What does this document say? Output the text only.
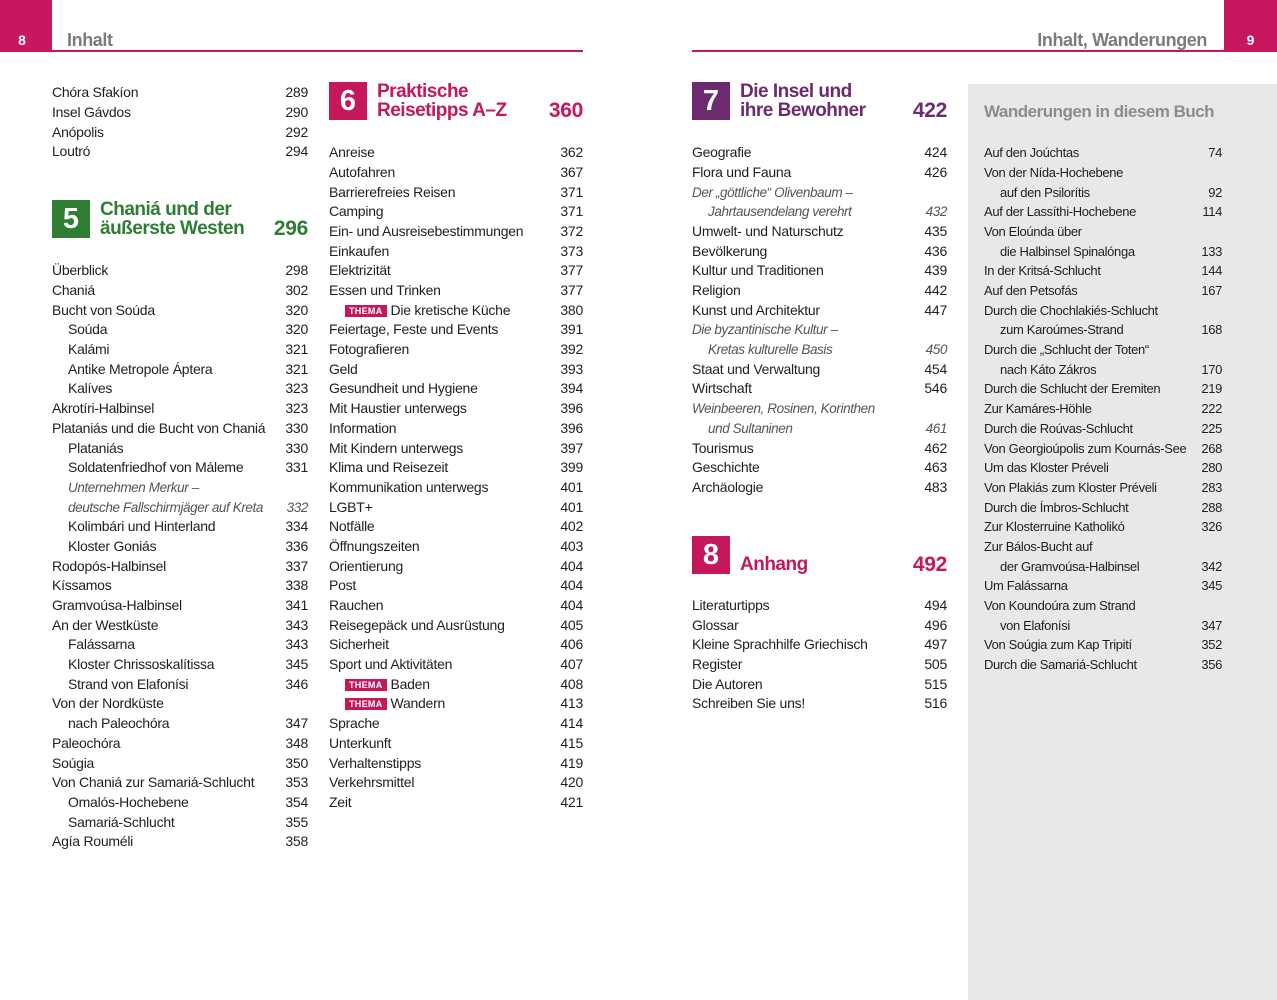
8	Inhalt	9
Inhalt, Wanderungen
Chóra Sfakíon	289
Insel Gávdos	290
Anópolis	292
Loutró	294
5	Chaniá und der
äußerste Westen 296
Überblick	298
Chaniá	302
Bucht von Soúda	320
Soúda	320
Kalámi	321
Antike Metropole Áptera	321
Kalíves	323
Akrotíri-Halbinsel	323
Plataniás und die Bucht von Chaniá 330
Plataniás	330
Soldatenfriedhof von Máleme	331
Unternehmen Merkur –
deutsche Fallschirmjäger auf Kreta 332
Kolimbári und Hinterland	334
Kloster Goniás	336
Rodopós-Halbinsel	337
Kíssamos	338
Gramvoúsa-Halbinsel	341
An der Westküste	343
Falássarna	343
Kloster Chrissoskalítissa	345
Strand von Elafonísi	346
Von der Nordküste
nach Paleochóra	347
Paleochóra	348
Soúgia	350
Von Chaniá zur Samariá-Schlucht 353
Omalós-Hochebene	354
Samariá-Schlucht	355
Agía Rouméli	358
6	Praktische
Reisetipps A–Z 360
Anreise	362
Autofahren	367
Barrierefreies Reisen	371
Camping	371
Ein- und Ausreisebestimmungen	372
Einkaufen	373
Elektrizität	377
Essen und Trinken	377
THEMA Die kretische Küche	380
Feiertage, Feste und Events	391
Fotografieren	392
Geld	393
Gesundheit und Hygiene	394
Mit Haustier unterwegs	396
Information	396
Mit Kindern unterwegs	397
Klima und Reisezeit	399
Kommunikation unterwegs	401
LGBT+	401
Notfälle	402
Öffnungszeiten	403
Orientierung	404
Post	404
Rauchen	404
Reisegepäck und Ausrüstung	405
Sicherheit	406
Sport und Aktivitäten	407
THEMA Baden	408
THEMA Wandern	413
Sprache	414
Unterkunft	415
Verhaltenstipps	419
Verkehrsmittel	420
Zeit	421
7	Die Insel und
ihre Bewohner 422
Geografie	424
Flora und Fauna	426
Der „göttliche“ Olivenbaum –
Jahrtausendelang verehrt	432
Umwelt- und Naturschutz	435
Bevölkerung	436
Kultur und Traditionen	439
Religion	442
Kunst und Architektur	447
Die byzantinische Kultur –
Kretas kulturelle Basis	450
Staat und Verwaltung	454
Wirtschaft	546
Weinbeeren, Rosinen, Korinthen
und Sultaninen	461
Tourismus	462
Geschichte	463
Archäologie	483
8	Anhang	492
Literaturtipps	494
Glossar	496
Kleine Sprachhilfe Griechisch	497
Register	505
Die Autoren	515
Schreiben Sie uns!	516
Wanderungen in diesem Buch
Auf den Joúchtas	74
Von der Nída-Hochebene
auf den Psilorítis	92
Auf der Lassíthi-Hochebene	114
Von Eloúnda über
die Halbinsel Spinalónga	133
In der Kritsá-Schlucht	144
Auf den Petsofás	167
Durch die Chochlakiés-Schlucht
zum Karoúmes-Strand	168
Durch die „Schlucht der Toten“
nach Káto Zákros	170
Durch die Schlucht der Eremiten	219
Zur Kamáres-Höhle	222
Durch die Roúvas-Schlucht	225
Von Georgioúpolis zum Kournás-See 268
Um das Kloster Préveli	280
Von Plakiás zum Kloster Préveli	283
Durch die Ímbros-Schlucht	288
Zur Klosterruine Katholikó	326
Zur Bálos-Bucht auf
der Gramvoúsa-Halbinsel	342
Um Falássarna	345
Von Koundoúra zum Strand
von Elafonísi	347
Von Soúgia zum Kap Tripití	352
Durch die Samariá-Schlucht	356
